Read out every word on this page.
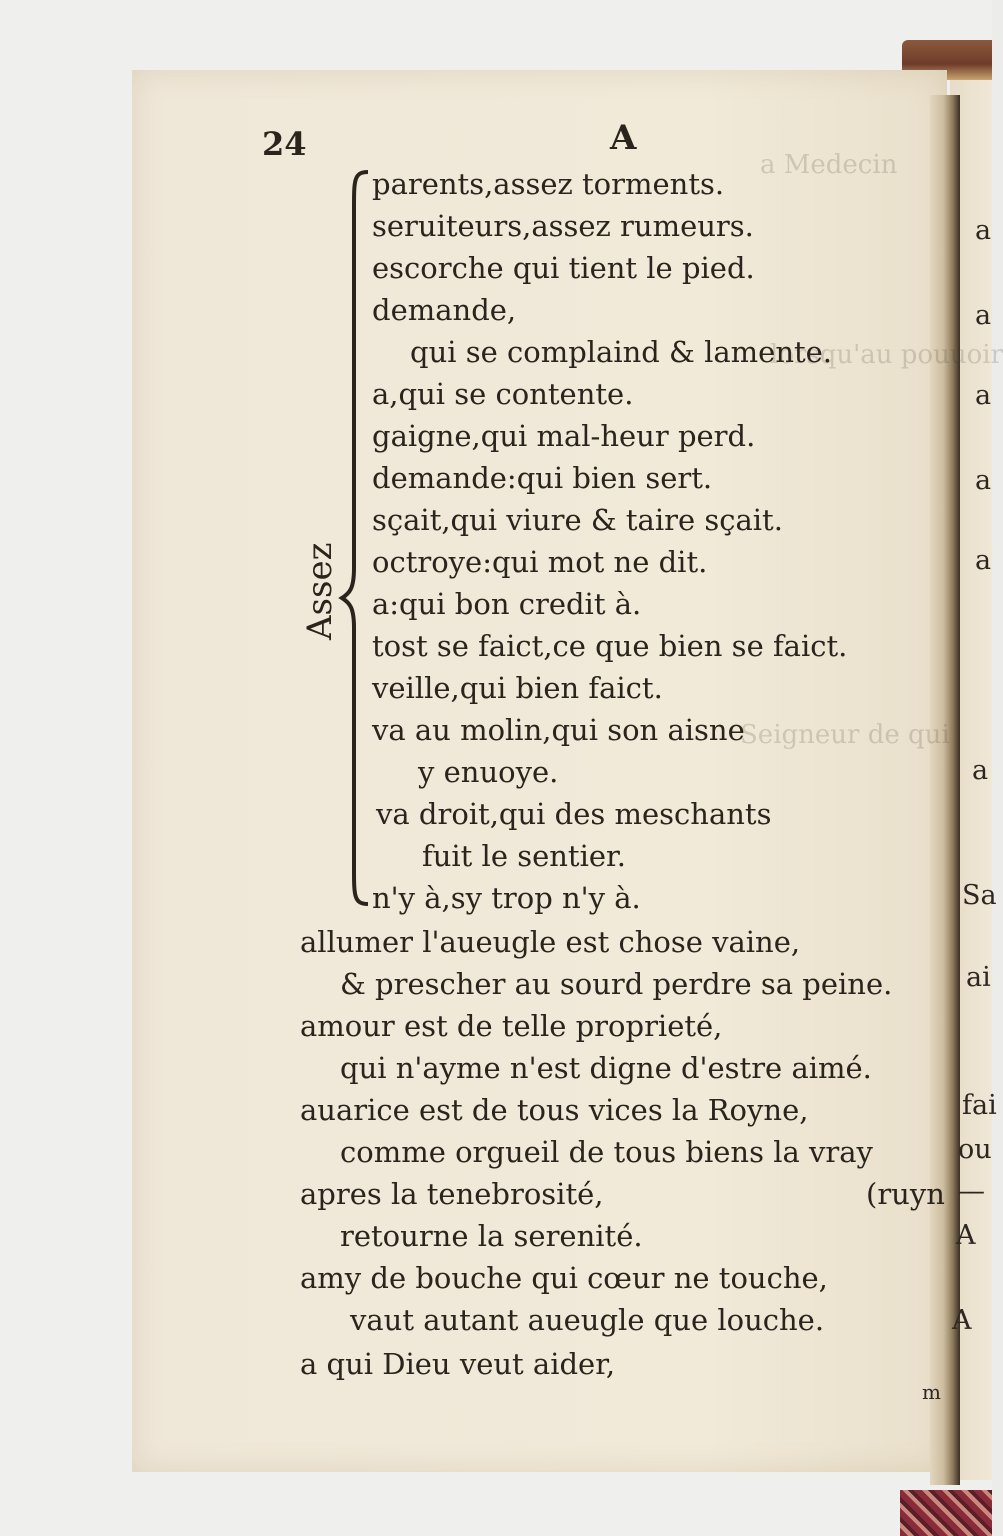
a Medecin
lorsqu'au pouuoir
Seigneur de qui
24	A
Assez
parents,assez torments.
seruiteurs,assez rumeurs.
escorche qui tient le pied.
demande,
qui se complaind & lamente.
a,qui se contente.
gaigne,qui mal-heur perd.
demande:qui bien sert.
sçait,qui viure & taire sçait.
octroye:qui mot ne dit.
a:qui bon credit à.
tost se faict,ce que bien se faict.
veille,qui bien faict.
va au molin,qui son aisne
y enuoye.
va droit,qui des meschants
fuit le sentier.
n'y à,sy trop n'y à.
allumer l'aueugle est chose vaine,
& prescher au sourd perdre sa peine.
amour est de telle proprieté,
qui n'ayme n'est digne d'estre aimé.
auarice est de tous vices la Royne,
comme orgueil de tous biens la vray
apres la tenebrosité,	(ruyn
retourne la serenité.
amy de bouche qui cœur ne touche,
vaut autant aueugle que louche.
a qui Dieu veut aider,
a
a
a
a
a
a
Sa
ai
fai
ou
—
A
A
m
